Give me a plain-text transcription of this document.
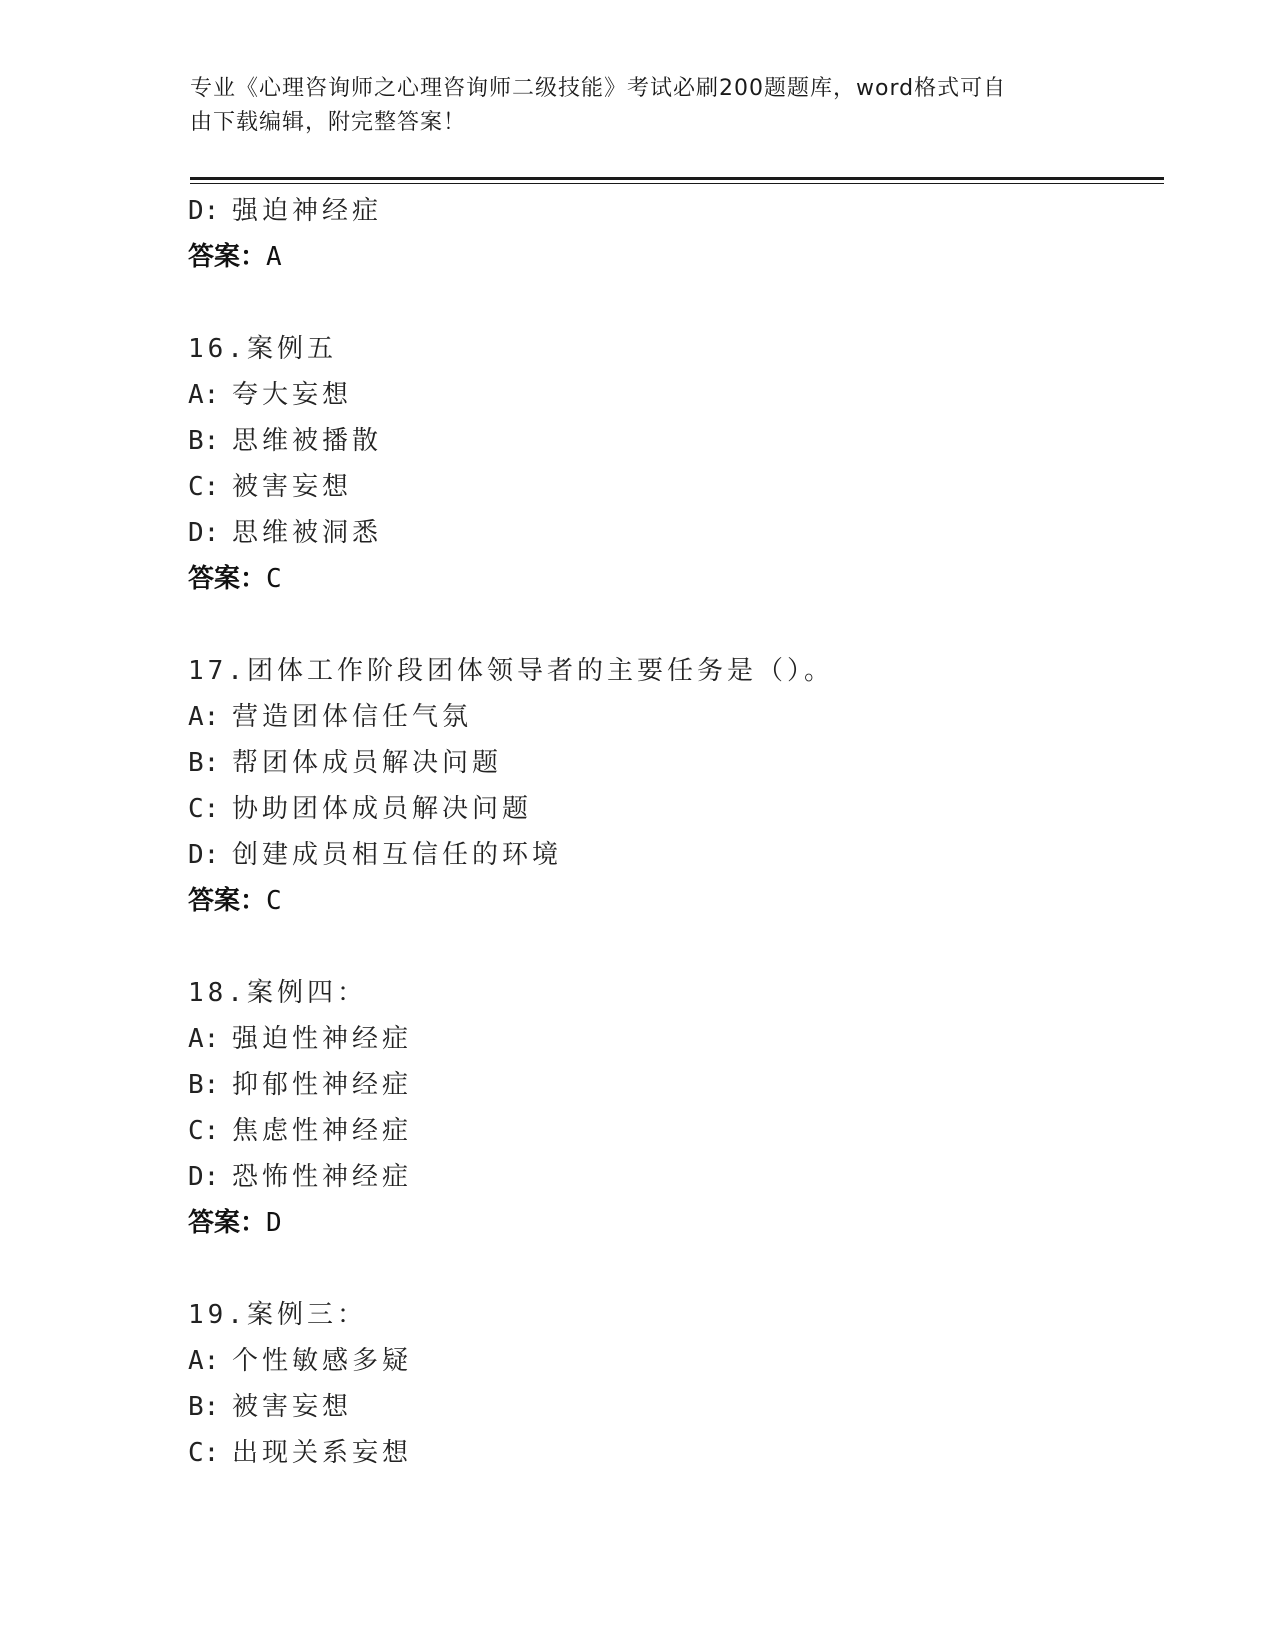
专业《心理咨询师之心理咨询师二级技能》考试必刷200题题库，word格式可自
由下载编辑，附完整答案！
D: 强迫神经症
答案：A
16.案例五
A: 夸大妄想
B: 思维被播散
C: 被害妄想
D: 思维被洞悉
答案：C
17.团体工作阶段团体领导者的主要任务是（）。
A: 营造团体信任气氛
B: 帮团体成员解决问题
C: 协助团体成员解决问题
D: 创建成员相互信任的环境
答案：C
18.案例四：
A: 强迫性神经症
B: 抑郁性神经症
C: 焦虑性神经症
D: 恐怖性神经症
答案：D
19.案例三：
A: 个性敏感多疑
B: 被害妄想
C: 出现关系妄想
